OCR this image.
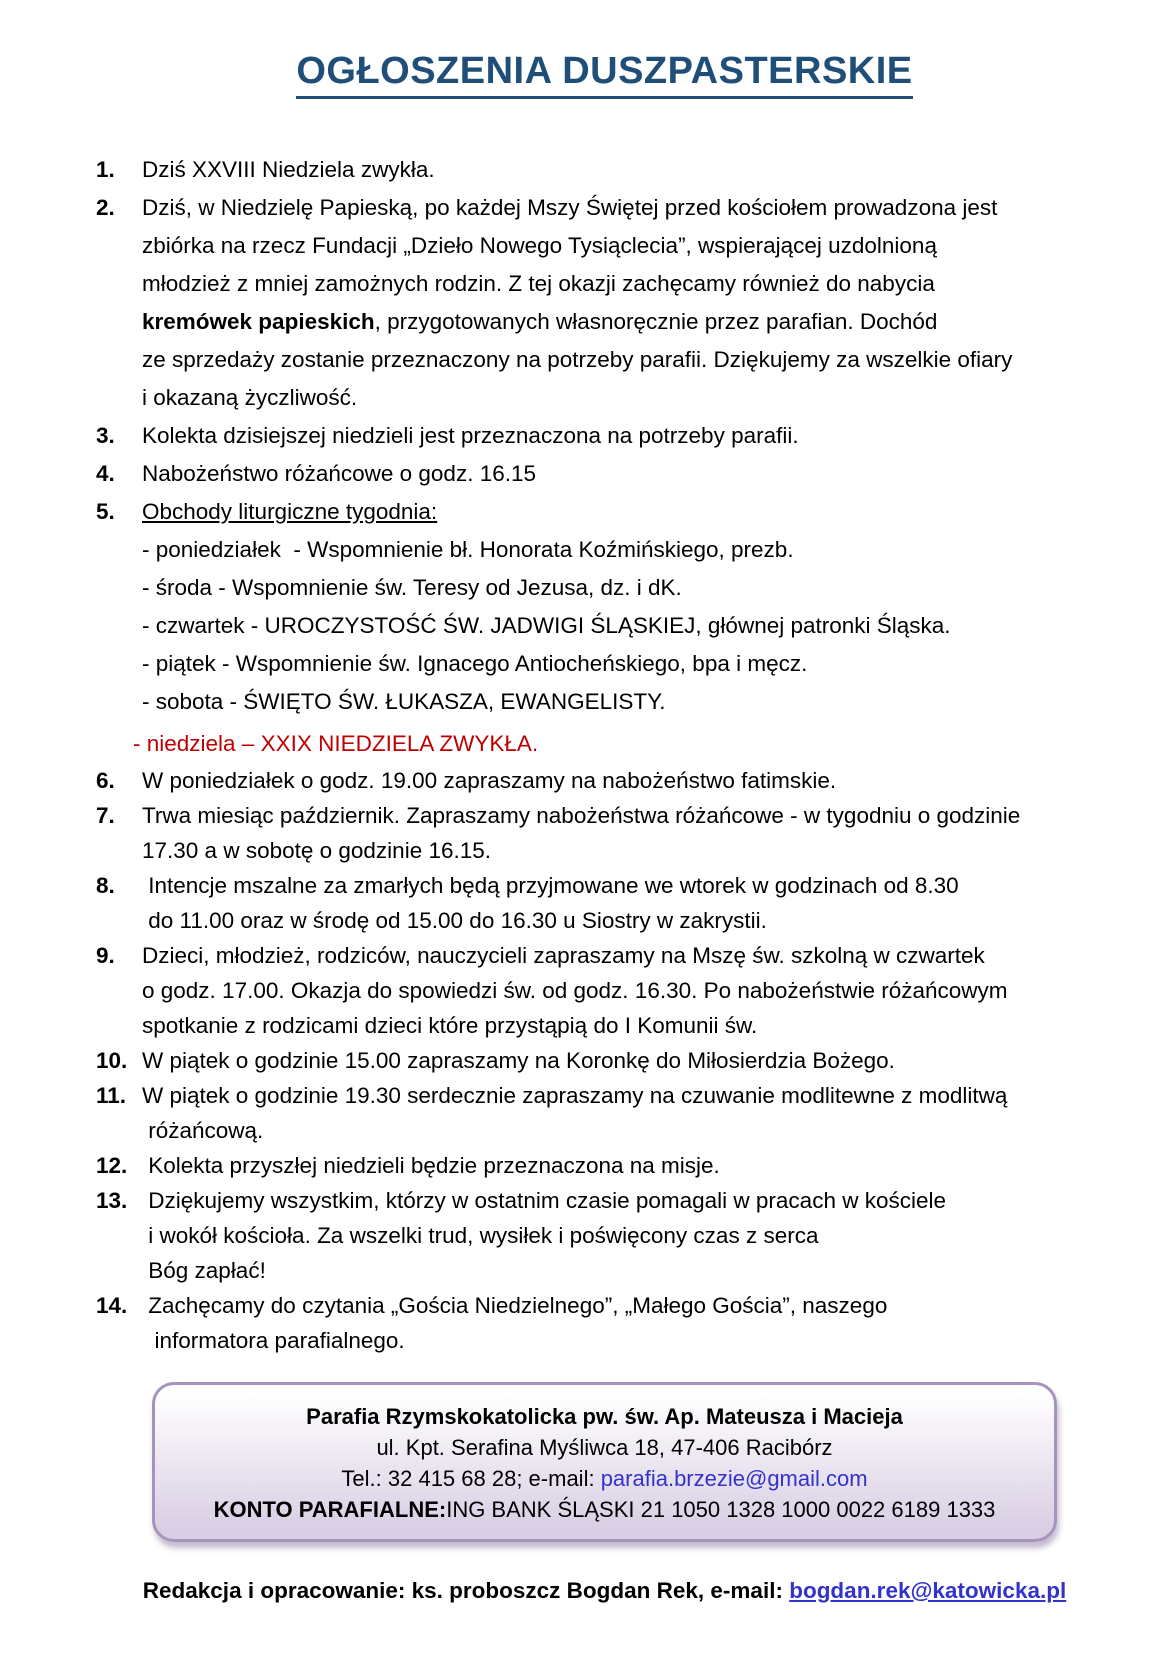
OGŁOSZENIA DUSZPASTERSKIE
1.	Dziś XXVIII Niedziela zwykła.
2.	Dziś, w Niedzielę Papieską, po każdej Mszy Świętej przed kościołem prowadzona jest
zbiórka na rzecz Fundacji „Dzieło Nowego Tysiąclecia”, wspierającej uzdolnioną
młodzież z mniej zamożnych rodzin. Z tej okazji zachęcamy również do nabycia
kremówek papieskich, przygotowanych własnoręcznie przez parafian. Dochód
ze sprzedaży zostanie przeznaczony na potrzeby parafii. Dziękujemy za wszelkie ofiary
i okazaną życzliwość.
3.	Kolekta dzisiejszej niedzieli jest przeznaczona na potrzeby parafii.
4.	Nabożeństwo różańcowe o godz. 16.15
5.	Obchody liturgiczne tygodnia:
- poniedziałek  - Wspomnienie bł. Honorata Koźmińskiego, prezb.
- środa - Wspomnienie św. Teresy od Jezusa, dz. i dK.
- czwartek - UROCZYSTOŚĆ ŚW. JADWIGI ŚLĄSKIEJ, głównej patronki Śląska.
- piątek - Wspomnienie św. Ignacego Antiocheńskiego, bpa i męcz.
- sobota - ŚWIĘTO ŚW. ŁUKASZA, EWANGELISTY.
- niedziela – XXIX NIEDZIELA ZWYKŁA.
6.	W poniedziałek o godz. 19.00 zapraszamy na nabożeństwo fatimskie.
7.	Trwa miesiąc październik. Zapraszamy nabożeństwa różańcowe - w tygodniu o godzinie
17.30 a w sobotę o godzinie 16.15.
8.	Intencje mszalne za zmarłych będą przyjmowane we wtorek w godzinach od 8.30
do 11.00 oraz w środę od 15.00 do 16.30 u Siostry w zakrystii.
9.	Dzieci, młodzież, rodziców, nauczycieli zapraszamy na Mszę św. szkolną w czwartek
o godz. 17.00. Okazja do spowiedzi św. od godz. 16.30. Po nabożeństwie różańcowym
spotkanie z rodzicami dzieci które przystąpią do I Komunii św.
10. W piątek o godzinie 15.00 zapraszamy na Koronkę do Miłosierdzia Bożego.
11. W piątek o godzinie 19.30 serdecznie zapraszamy na czuwanie modlitewne z modlitwą
różańcową.
12. Kolekta przyszłej niedzieli będzie przeznaczona na misje.
13. Dziękujemy wszystkim, którzy w ostatnim czasie pomagali w pracach w kościele
i wokół kościoła. Za wszelki trud, wysiłek i poświęcony czas z serca
Bóg zapłać!
14. Zachęcamy do czytania „Gościa Niedzielnego”, „Małego Gościa”, naszego
informatora parafialnego.
Parafia Rzymskokatolicka pw. św. Ap. Mateusza i Macieja
ul. Kpt. Serafina Myśliwca 18, 47-406 Racibórz
Tel.: 32 415 68 28; e-mail: parafia.brzezie@gmail.com
KONTO PARAFIALNE:ING BANK ŚLĄSKI 21 1050 1328 1000 0022 6189 1333
Redakcja i opracowanie: ks. proboszcz Bogdan Rek, e-mail: bogdan.rek@katowicka.pl
